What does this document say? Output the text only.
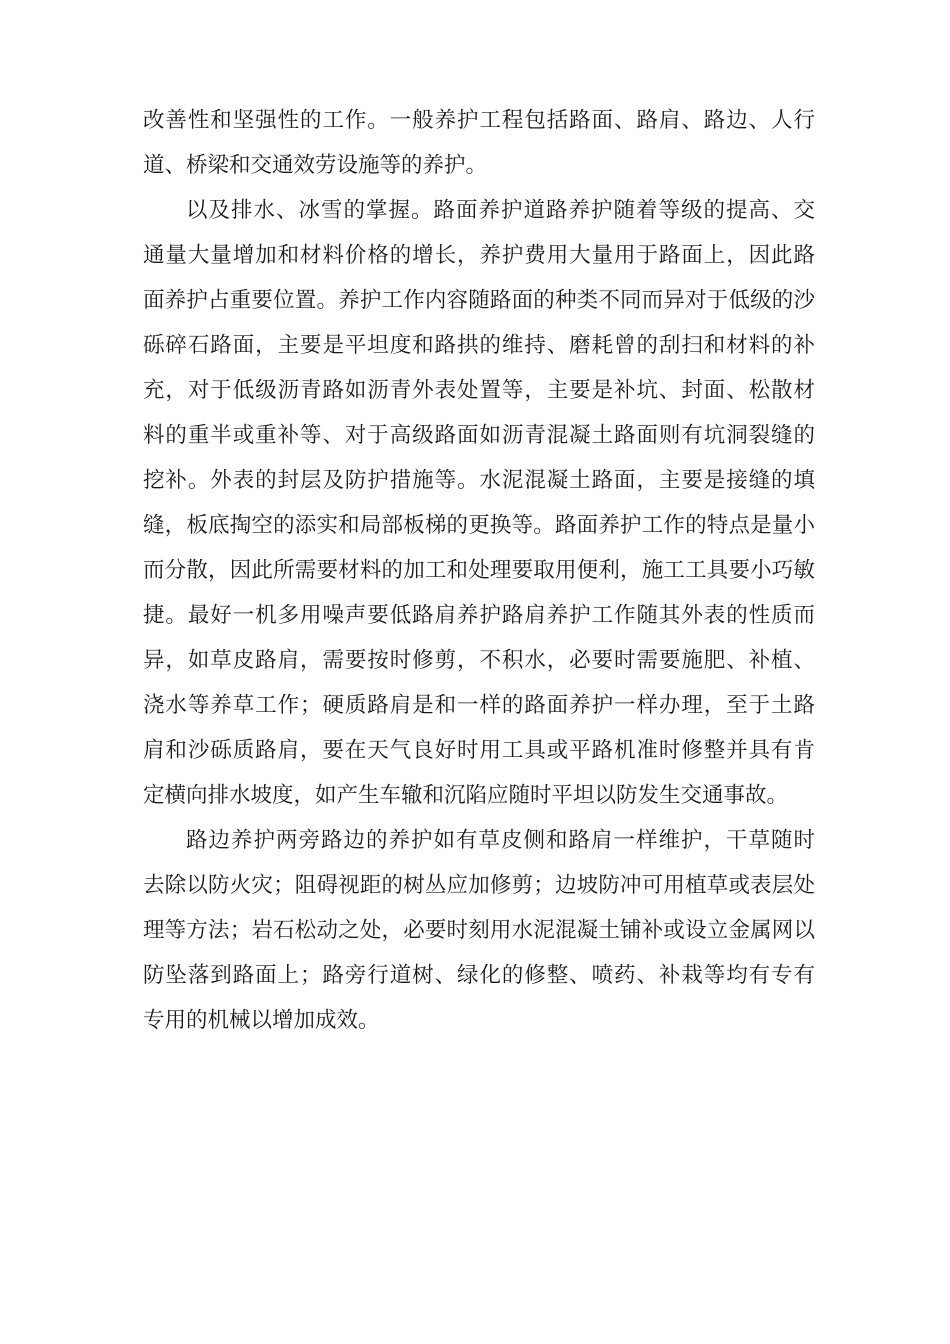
改善性和坚强性的工作。一般养护工程包括路面、路肩、路边、人行
道、桥梁和交通效劳设施等的养护。
以及排水、冰雪的掌握。路面养护道路养护随着等级的提高、交
通量大量增加和材料价格的增长，养护费用大量用于路面上，因此路
面养护占重要位置。养护工作内容随路面的种类不同而异对于低级的沙
砾碎石路面，主要是平坦度和路拱的维持、磨耗曾的刮扫和材料的补
充，对于低级沥青路如沥青外表处置等，主要是补坑、封面、松散材
料的重半或重补等、对于高级路面如沥青混凝土路面则有坑洞裂缝的
挖补。外表的封层及防护措施等。水泥混凝土路面，主要是接缝的填
缝，板底掏空的添实和局部板梯的更换等。路面养护工作的特点是量小
而分散，因此所需要材料的加工和处理要取用便利，施工工具要小巧敏
捷。最好一机多用噪声要低路肩养护路肩养护工作随其外表的性质而
异，如草皮路肩，需要按时修剪，不积水，必要时需要施肥、补植、
浇水等养草工作；硬质路肩是和一样的路面养护一样办理，至于土路
肩和沙砾质路肩，要在天气良好时用工具或平路机准时修整并具有肯
定横向排水坡度，如产生车辙和沉陷应随时平坦以防发生交通事故。
路边养护两旁路边的养护如有草皮侧和路肩一样维护，干草随时
去除以防火灾；阻碍视距的树丛应加修剪；边坡防冲可用植草或表层处
理等方法；岩石松动之处，必要时刻用水泥混凝土铺补或设立金属网以
防坠落到路面上；路旁行道树、绿化的修整、喷药、补栽等均有专有
专用的机械以增加成效。
